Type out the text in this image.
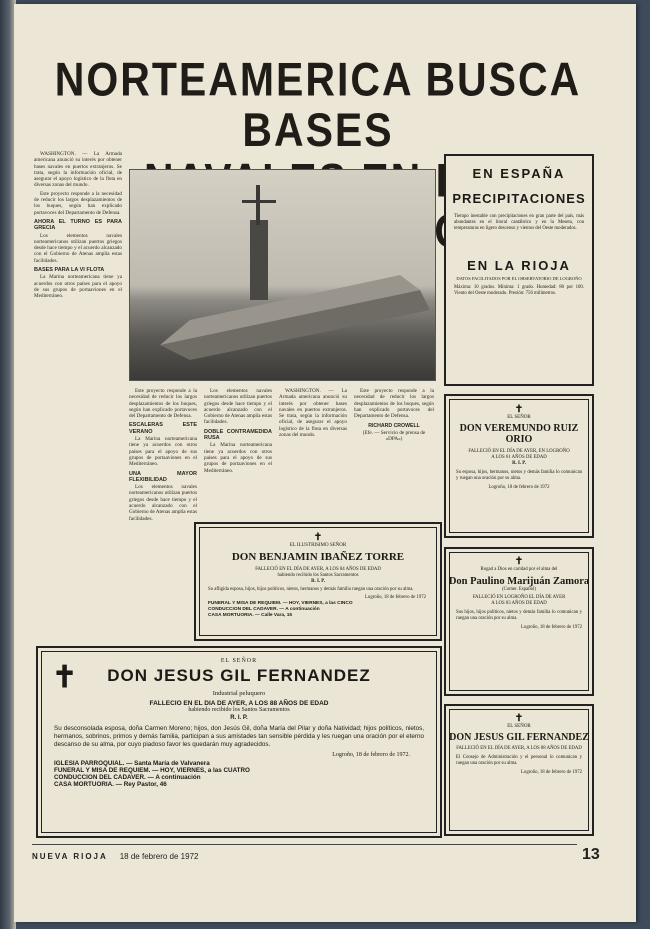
NORTEAMERICA BUSCA BASES

WASHINGTON. — La Armada americana anunció su interés por obtener bases navales en puertos extranjeros. Se trata, según la información oficial, de asegurar el apoyo logístico de la flota en diversas zonas del mundo.

Este proyecto responde a la necesidad de reducir los largos desplazamientos de los buques, según han explicado portavoces del Departamento de Defensa.

AHORA EL TURNO ES PARA GRECIA

Los elementos navales norteamericanos utilizan puertos griegos desde hace tiempo y el acuerdo alcanzado con el Gobierno de Atenas amplía estas facilidades.

BASES PARA LA VI FLOTA

La Marina norteamericana tiene ya acuerdos con otros países para el apoyo de sus grupos de portaaviones en el Mediterráneo.

Este proyecto responde a la necesidad de reducir los largos desplazamientos de los buques, según han explicado portavoces del Departamento de Defensa.

ESCALERAS ESTE VERANO

La Marina norteamericana tiene ya acuerdos con otros países para el apoyo de sus grupos de portaaviones en el Mediterráneo.

UNA MAYOR FLEXIBILIDAD

Los elementos navales norteamericanos utilizan puertos griegos desde hace tiempo y el acuerdo alcanzado con el Gobierno de Atenas amplía estas facilidades.

Los elementos navales norteamericanos utilizan puertos griegos desde hace tiempo y el acuerdo alcanzado con el Gobierno de Atenas amplía estas facilidades.

DOBLE CONTRAMEDIDA RUSA

La Marina norteamericana tiene ya acuerdos con otros países para el apoyo de sus grupos de portaaviones en el Mediterráneo.

WASHINGTON. — La Armada americana anunció su interés por obtener bases navales en puertos extranjeros. Se trata, según la información oficial, de asegurar el apoyo logístico de la flota en diversas zonas del mundo.

Este proyecto responde a la necesidad de reducir los largos desplazamientos de los buques, según han explicado portavoces del Departamento de Defensa.

RICHARD CROWELL
(Efe. — Servicio de prensa de «DPA»)
EN ESPAÑA
PRECIPITACIONES
Tiempo inestable con precipitaciones en gran parte del país, más abundantes en el litoral cantábrico y en la Meseta, con temperaturas en ligero descenso y vientos del Oeste moderados.
EN LA RIOJA
DATOS FACILITADOS POR EL OBSERVATORIO DE LOGROÑO
Máxima: 10 grados. Mínima: 1 grado. Humedad: 80 por 100. Viento del Oeste moderado. Presión: 756 milímetros.
✝
EL SEÑOR
DON VEREMUNDO RUIZ ORIO
FALLECIÓ EN EL DÍA DE AYER, EN LOGROÑO
A LOS 61 AÑOS DE EDAD
R. I. P.
Su esposa, hijos, hermanos, nietos y demás familia lo comunican y ruegan una oración por su alma.
Logroño, 18 de febrero de 1972
✝
EL ILUSTRISIMO SEÑOR
DON BENJAMIN IBAÑEZ TORRE
FALLECIÓ EN EL DÍA DE AYER, A LOS 84 AÑOS DE EDAD
habiendo recibido los Santos Sacramentos
R. I. P.
Su afligida esposa, hijos, hijos políticos, nietos, hermanos y demás familia ruegan una oración por su alma.
Logroño, 18 de febrero de 1972
FUNERAL Y MISA DE REQUIEM. — HOY, VIERNES, a las CINCO
CONDUCCION DEL CADAVER. — A continuación
CASA MORTUORIA. — Calle Vara, 15
✝
Rogad a Dios en caridad por el alma del
Don Paulino Marijuán Zamora
(Comer. Español)
FALLECIÓ EN LOGROÑO EL DÍA DE AYER
A LOS 83 AÑOS DE EDAD
Sus hijos, hijos políticos, nietos y demás familia lo comunican y ruegan una oración por su alma.
Logroño, 18 de febrero de 1972
✝
EL SEÑOR
DON JESUS GIL FERNANDEZ
FALLECIÓ EN EL DÍA DE AYER, A LOS 88 AÑOS DE EDAD
El Consejo de Administración y el personal lo comunican y ruegan una oración por su alma.
Logroño, 18 de febrero de 1972
✝	EL SEÑOR
DON JESUS GIL FERNANDEZ
Industrial peluquero
FALLECIO EN EL DIA DE AYER, A LOS 88 AÑOS DE EDAD
habiendo recibido los Santos Sacramentos
R. I. P.
Su desconsolada esposa, doña Carmen Moreno; hijos, don Jesús Gil, doña María del Pilar y doña Natividad; hijos políticos, nietos, hermanos, sobrinos, primos y demás familia, participan a sus amistades tan sensible pérdida y les ruegan una oración por el eterno descanso de su alma, por cuyo piadoso favor les quedarán muy agradecidos.
Logroño, 18 de febrero de 1972.
IGLESIA PARROQUIAL. — Santa María de Valvanera
FUNERAL Y MISA DE REQUIEM. — HOY, VIERNES, a las CUATRO
CONDUCCION DEL CADAVER. — A continuación
CASA MORTUORIA. — Rey Pastor, 46
NUEVA RIOJA 18 de febrero de 1972	13
